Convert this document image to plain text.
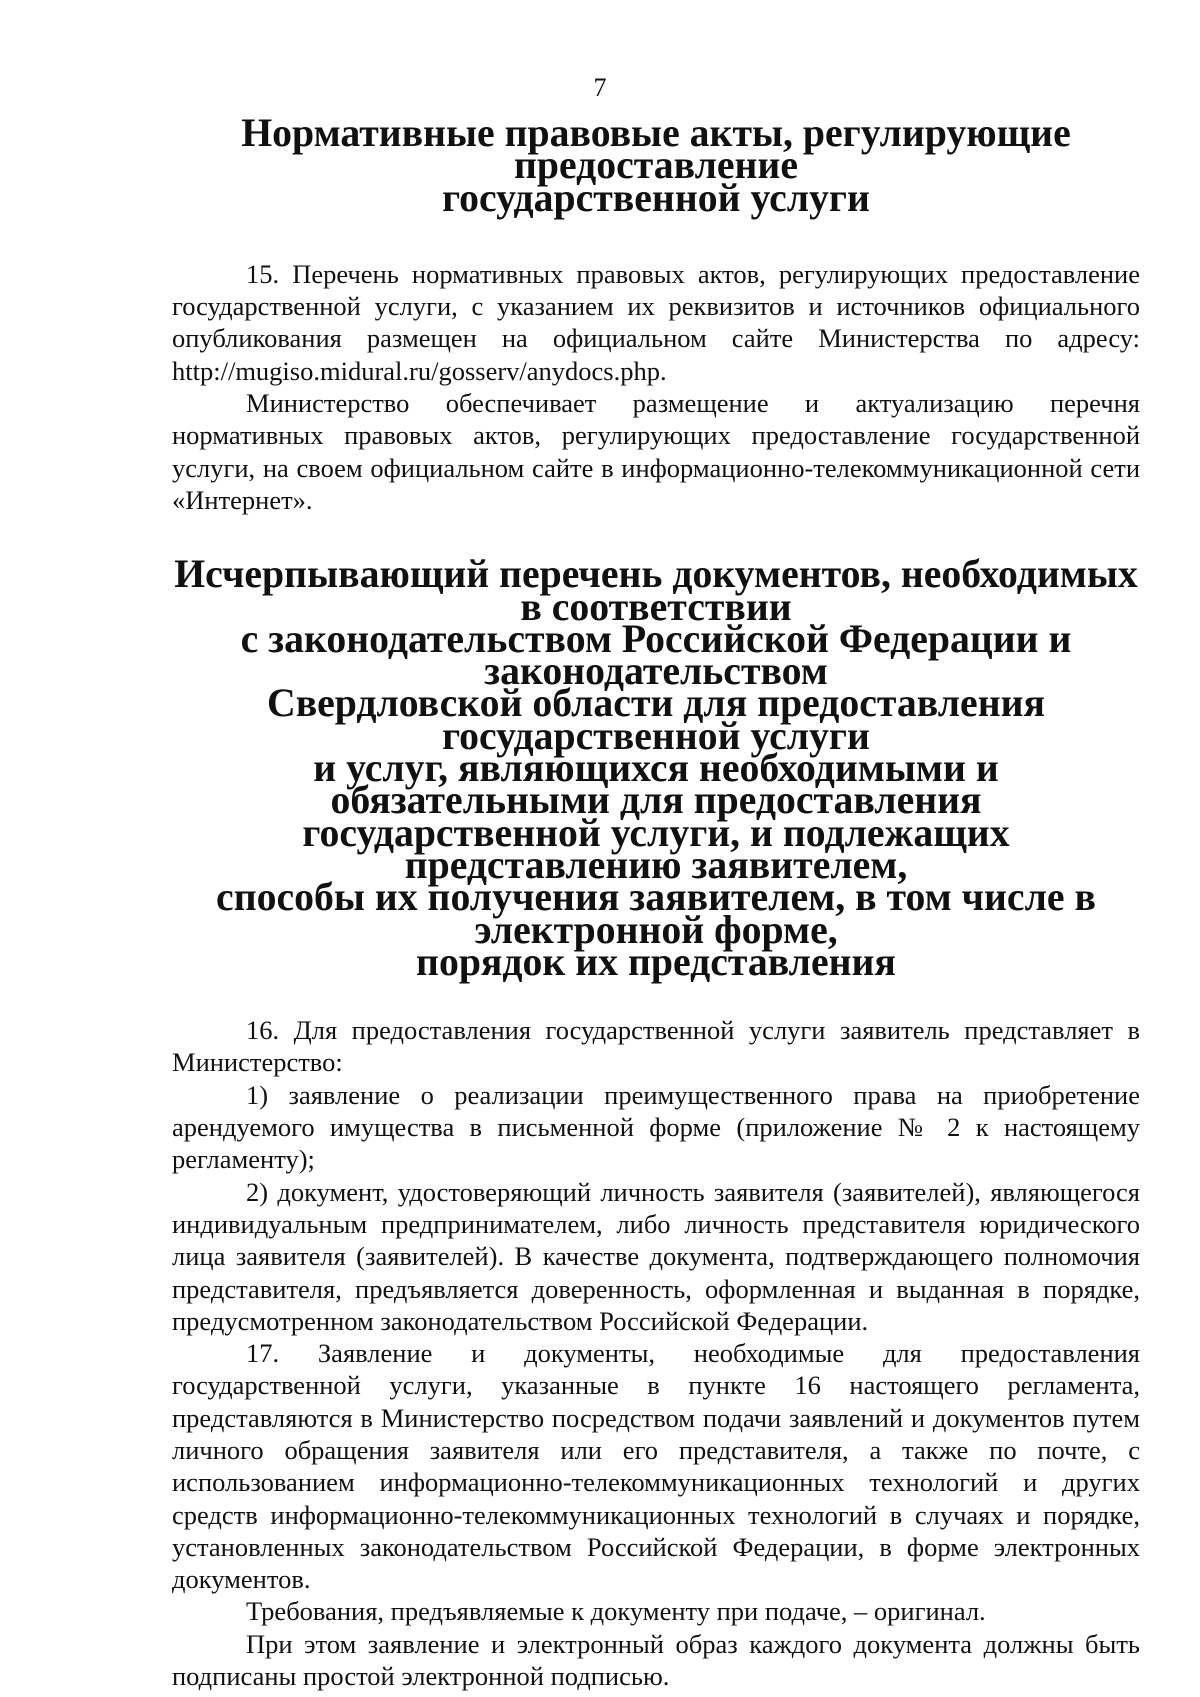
7
Нормативные правовые акты, регулирующие предоставление
государственной услуги

15. Перечень нормативных правовых актов, регулирующих предоставление государственной услуги, с указанием их реквизитов и источников официального опубликования размещен на официальном сайте Министерства по адресу: http://mugiso.midural.ru/gosserv/anydocs.php.

Министерство обеспечивает размещение и актуализацию перечня нормативных правовых актов, регулирующих предоставление государственной услуги, на своем официальном сайте в информационно-телекоммуникационной сети «Интернет».

Исчерпывающий перечень документов, необходимых в соответствии
с законодательством Российской Федерации и законодательством
Свердловской области для предоставления государственной услуги
и услуг, являющихся необходимыми и обязательными для предоставления
государственной услуги, и подлежащих представлению заявителем,
способы их получения заявителем, в том числе в электронной форме,
порядок их представления

16. Для предоставления государственной услуги заявитель представляет в Министерство:

1) заявление о реализации преимущественного права на приобретение арендуемого имущества в письменной форме (приложение № 2 к настоящему регламенту);

2) документ, удостоверяющий личность заявителя (заявителей), являющегося индивидуальным предпринимателем, либо личность представителя юридического лица заявителя (заявителей). В качестве документа, подтверждающего полномочия представителя, предъявляется доверенность, оформленная и выданная в порядке, предусмотренном законодательством Российской Федерации.

17. Заявление и документы, необходимые для предоставления государственной услуги, указанные в пункте 16 настоящего регламента, представляются в Министерство посредством подачи заявлений и документов путем личного обращения заявителя или его представителя, а также по почте, с использованием информационно-телекоммуникационных технологий и других средств информационно-телекоммуникационных технологий в случаях и порядке, установленных законодательством Российской Федерации, в форме электронных документов.

Требования, предъявляемые к документу при подаче, – оригинал.

При этом заявление и электронный образ каждого документа должны быть подписаны простой электронной подписью.
